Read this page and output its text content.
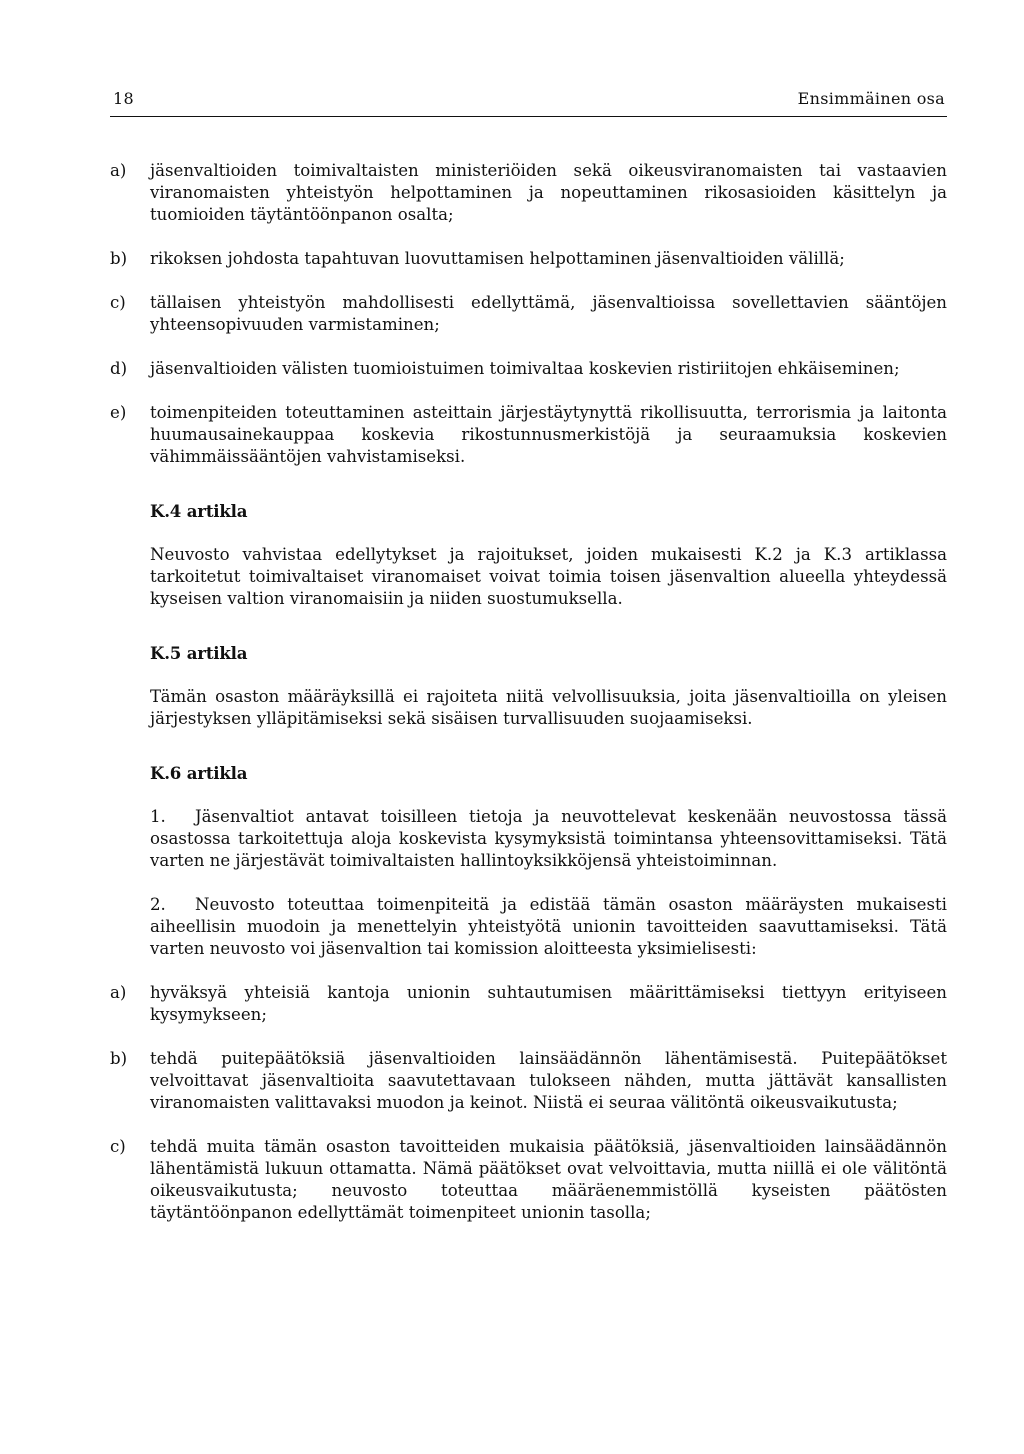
18	Ensimmäinen osa
a) jäsenvaltioiden toimivaltaisten ministeriöiden sekä oikeusviranomaisten tai vastaavien viranomaisten yhteistyön helpottaminen ja nopeuttaminen rikosasioiden käsittelyn ja tuomioiden täytäntöönpanon osalta;
b) rikoksen johdosta tapahtuvan luovuttamisen helpottaminen jäsenvaltioiden välillä;
c) tällaisen yhteistyön mahdollisesti edellyttämä, jäsenvaltioissa sovellettavien sääntöjen yhteensopivuuden varmistaminen;
d) jäsenvaltioiden välisten tuomioistuimen toimivaltaa koskevien ristiriitojen ehkäiseminen;
e) toimenpiteiden toteuttaminen asteittain järjestäytynyttä rikollisuutta, terrorismia ja laitonta huumausainekauppaa koskevia rikostunnusmerkistöjä ja seuraamuksia koskevien vähimmäissääntöjen vahvistamiseksi.
K.4 artikla
Neuvosto vahvistaa edellytykset ja rajoitukset, joiden mukaisesti K.2 ja K.3 artiklassa tarkoitetut toimivaltaiset viranomaiset voivat toimia toisen jäsenvaltion alueella yhteydessä kyseisen valtion viranomaisiin ja niiden suostumuksella.
K.5 artikla
Tämän osaston määräyksillä ei rajoiteta niitä velvollisuuksia, joita jäsenvaltioilla on yleisen järjestyksen ylläpitämiseksi sekä sisäisen turvallisuuden suojaamiseksi.
K.6 artikla
1. Jäsenvaltiot antavat toisilleen tietoja ja neuvottelevat keskenään neuvostossa tässä osastossa tarkoitettuja aloja koskevista kysymyksistä toimintansa yhteensovittamiseksi. Tätä varten ne järjestävät toimivaltaisten hallintoyksikköjensä yhteistoiminnan.
2. Neuvosto toteuttaa toimenpiteitä ja edistää tämän osaston määräysten mukaisesti aiheellisin muodoin ja menettelyin yhteistyötä unionin tavoitteiden saavuttamiseksi. Tätä varten neuvosto voi jäsenvaltion tai komission aloitteesta yksimielisesti:
a) hyväksyä yhteisiä kantoja unionin suhtautumisen määrittämiseksi tiettyyn erityiseen kysymykseen;
b) tehdä puitepäätöksiä jäsenvaltioiden lainsäädännön lähentämisestä. Puitepäätökset velvoittavat jäsenvaltioita saavutettavaan tulokseen nähden, mutta jättävät kansallisten viranomaisten valittavaksi muodon ja keinot. Niistä ei seuraa välitöntä oikeusvaikutusta;
c) tehdä muita tämän osaston tavoitteiden mukaisia päätöksiä, jäsenvaltioiden lainsäädännön lähentämistä lukuun ottamatta. Nämä päätökset ovat velvoittavia, mutta niillä ei ole välitöntä oikeusvaikutusta; neuvosto toteuttaa määräenemmistöllä kyseisten päätösten täytäntöönpanon edellyttämät toimenpiteet unionin tasolla;
